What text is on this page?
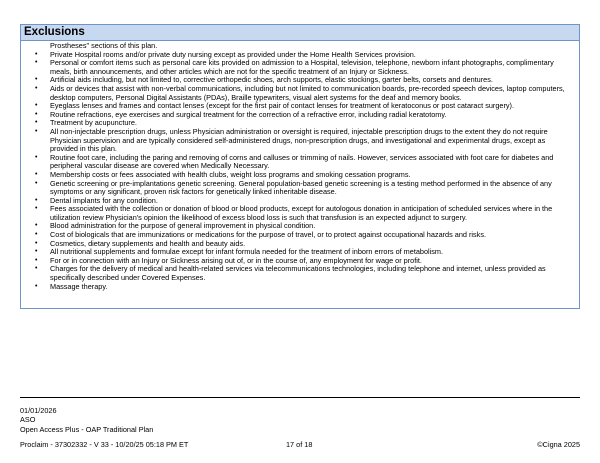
Exclusions
Prostheses" sections of this plan.
• Private Hospital rooms and/or private duty nursing except as provided under the Home Health Services provision.
• Personal or comfort items such as personal care kits provided on admission to a Hospital, television, telephone, newborn infant photographs, complimentary meals, birth announcements, and other articles which are not for the specific treatment of an Injury or Sickness.
• Artificial aids including, but not limited to, corrective orthopedic shoes, arch supports, elastic stockings, garter belts, corsets and dentures.
• Aids or devices that assist with non-verbal communications, including but not limited to communication boards, pre-recorded speech devices, laptop computers, desktop computers, Personal Digital Assistants (PDAs), Braille typewriters, visual alert systems for the deaf and memory books.
• Eyeglass lenses and frames and contact lenses (except for the first pair of contact lenses for treatment of keratoconus or post cataract surgery).
• Routine refractions, eye exercises and surgical treatment for the correction of a refractive error, including radial keratotomy.
• Treatment by acupuncture.
• All non-injectable prescription drugs, unless Physician administration or oversight is required, injectable prescription drugs to the extent they do not require Physician supervision and are typically considered self-administered drugs, non-prescription drugs, and investigational and experimental drugs, except as provided in this plan.
• Routine foot care, including the paring and removing of corns and calluses or trimming of nails. However, services associated with foot care for diabetes and peripheral vascular disease are covered when Medically Necessary.
• Membership costs or fees associated with health clubs, weight loss programs and smoking cessation programs.
• Genetic screening or pre-implantations genetic screening. General population-based genetic screening is a testing method performed in the absence of any symptoms or any significant, proven risk factors for genetically linked inheritable disease.
• Dental implants for any condition.
• Fees associated with the collection or donation of blood or blood products, except for autologous donation in anticipation of scheduled services where in the utilization review Physician's opinion the likelihood of excess blood loss is such that transfusion is an expected adjunct to surgery.
• Blood administration for the purpose of general improvement in physical condition.
• Cost of biologicals that are immunizations or medications for the purpose of travel, or to protect against occupational hazards and risks.
• Cosmetics, dietary supplements and health and beauty aids.
• All nutritional supplements and formulae except for infant formula needed for the treatment of inborn errors of metabolism.
• For or in connection with an Injury or Sickness arising out of, or in the course of, any employment for wage or profit.
• Charges for the delivery of medical and health-related services via telecommunications technologies, including telephone and internet, unless provided as specifically described under Covered Expenses.
• Massage therapy.
01/01/2026
ASO
Open Access Plus - OAP Traditional Plan
Proclaim - 37302332 - V 33 - 10/20/25 05:18 PM ET	17 of 18	©Cigna 2025
